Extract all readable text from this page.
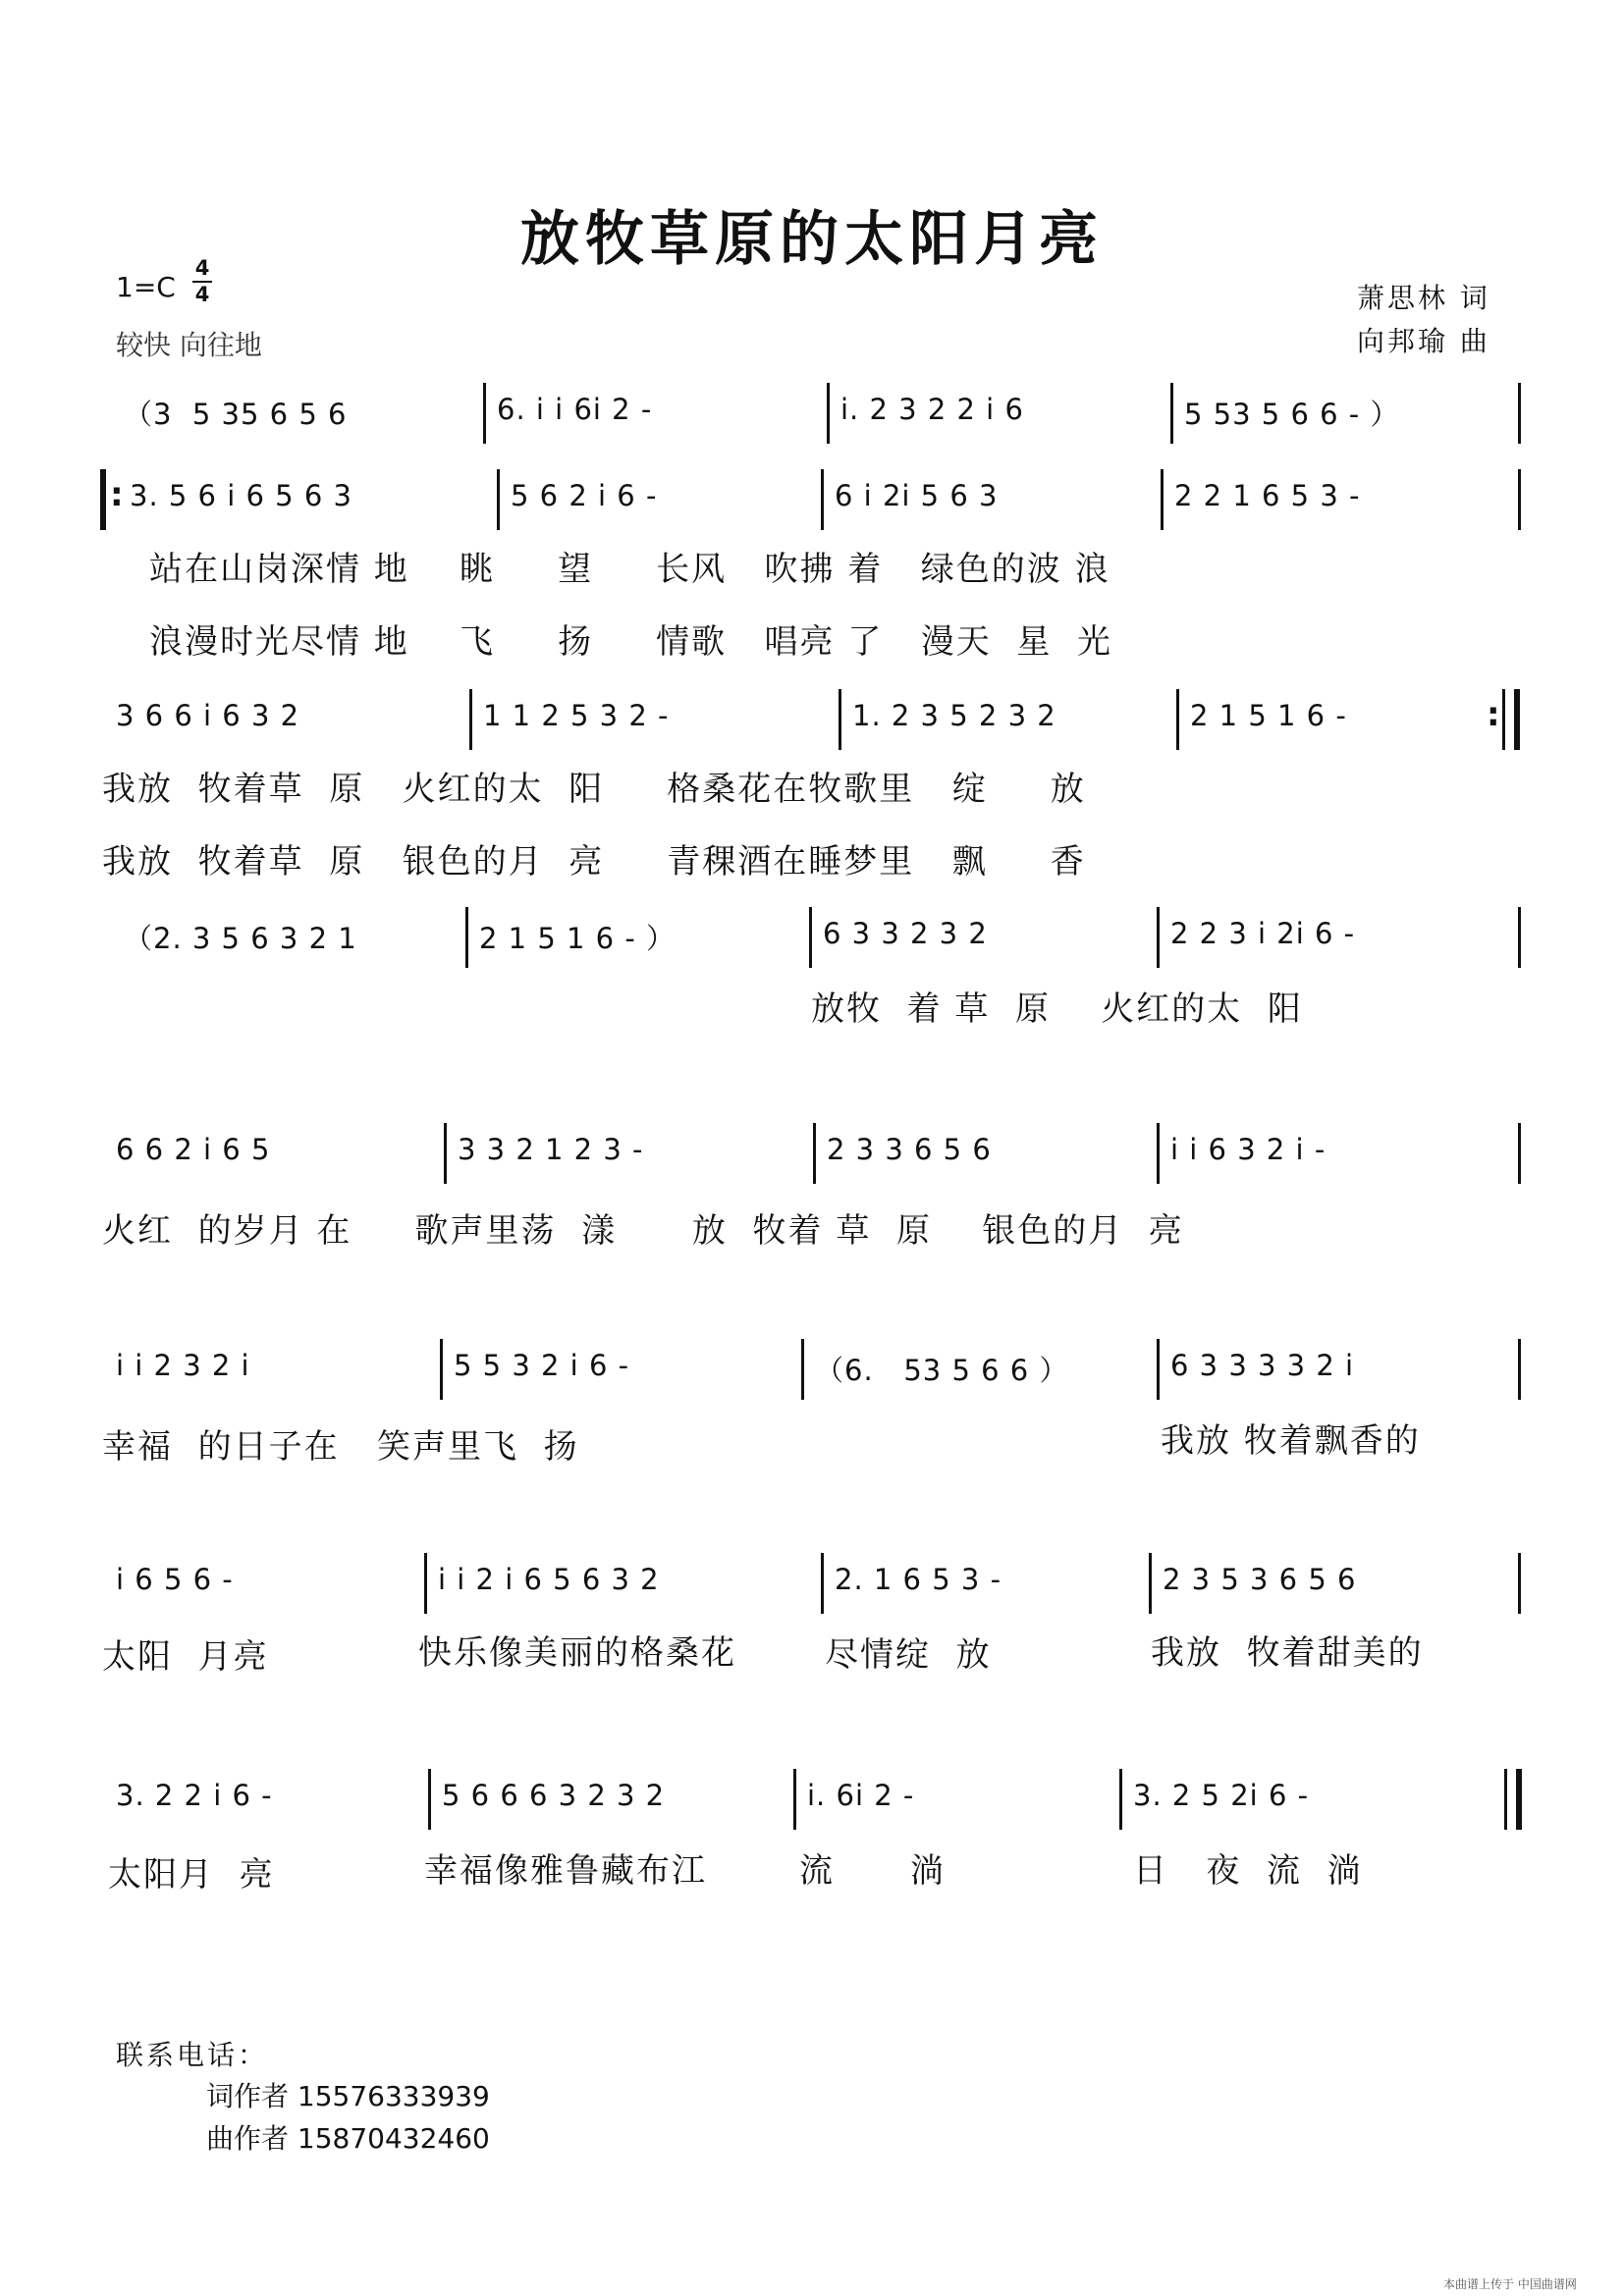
放牧草原的太阳月亮
1=C
4
4
较快 向往地
萧思林 词
向邦瑜 曲
（3  5 35 6 5 6	6. i i 6i 2 -	i. 2 3 2 2 i 6	5 53 5 6 6 - ）
: 3. 5 6 i 6 5 6 3	5 6 2 i 6 -	6 i 2i 5 6 3	2 2 1 6 5 3 -
站在山岗深情 地    眺     望     长风   吹拂 着   绿色的波 浪
浪漫时光尽情 地    飞     扬     情歌   唱亮 了   漫天  星  光
3 6 6 i 6 3 2	1 1 2 5 3 2 -	1. 2 3 5 2 3 2	2 1 5 1 6 -	:
我放  牧着草  原   火红的太  阳     格桑花在牧歌里   绽     放
我放  牧着草  原   银色的月  亮     青稞酒在睡梦里   飘     香
（2. 3 5 6 3 2 1	2 1 5 1 6 - ）	6 3 3 2 3 2	2 2 3 i 2i 6 -
放牧  着 草  原    火红的太  阳
6 6 2 i 6 5	3 3 2 1 2 3 -	2 3 3 6 5 6	i i 6 3 2 i -
火红  的岁月 在     歌声里荡  漾      放  牧着 草  原    银色的月  亮
i i 2 3 2 i	5 5 3 2 i 6 -	（6.   53 5 6 6 ）	6 3 3 3 3 2 i
幸福  的日子在   笑声里飞  扬	我放 牧着飘香的
i 6 5 6 -	i i 2 i 6 5 6 3 2	2. 1 6 5 3 -	2 3 5 3 6 5 6
太阳  月亮	快乐像美丽的格桑花	尽情绽  放	我放  牧着甜美的
3. 2 2 i 6 -	5 6 6 6 3 2 3 2	i. 6i 2 -	3. 2 5 2i 6 -
太阳月  亮	幸福像雅鲁藏布江	流      淌	日   夜  流  淌
联系电话：
词作者 15576333939
曲作者 15870432460
本曲谱上传于 中国曲谱网
